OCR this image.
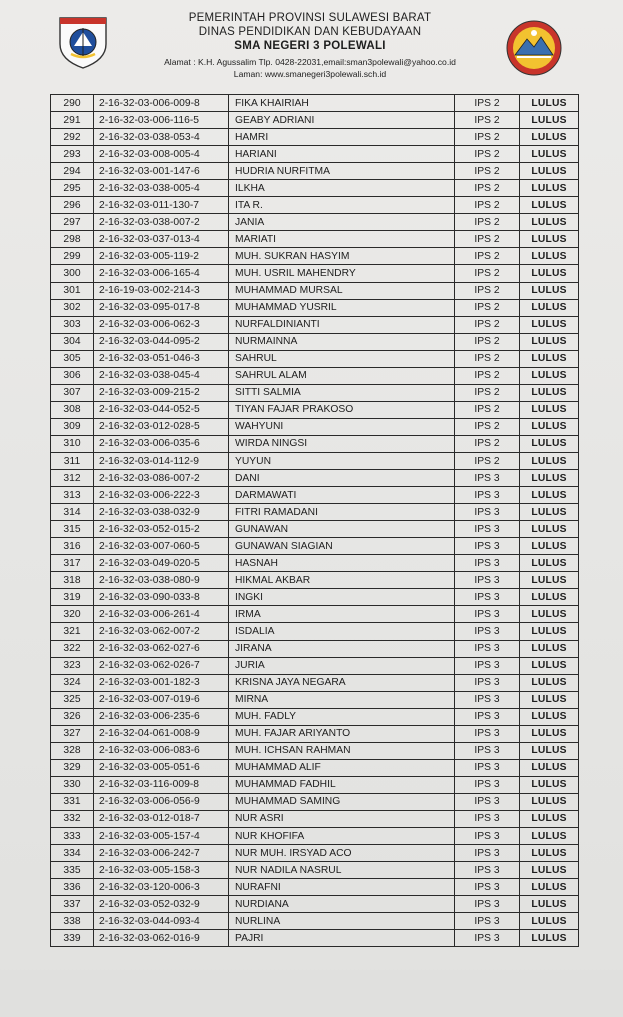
PEMERINTAH PROVINSI SULAWESI BARAT
DINAS PENDIDIKAN DAN KEBUDAYAAN
SMA NEGERI 3 POLEWALI
Alamat : K.H. Agussalim Tlp. 0428-22031,email:sman3polewali@yahoo.co.id
Laman: www.smanegeri3polewali.sch.id
290	2-16-32-03-006-009-8	FIKA KHAIRIAH	IPS 2	LULUS
291	2-16-32-03-006-116-5	GEABY ADRIANI	IPS 2	LULUS
292	2-16-32-03-038-053-4	HAMRI	IPS 2	LULUS
293	2-16-32-03-008-005-4	HARIANI	IPS 2	LULUS
294	2-16-32-03-001-147-6	HUDRIA NURFITMA	IPS 2	LULUS
295	2-16-32-03-038-005-4	ILKHA	IPS 2	LULUS
296	2-16-32-03-011-130-7	ITA R.	IPS 2	LULUS
297	2-16-32-03-038-007-2	JANIA	IPS 2	LULUS
298	2-16-32-03-037-013-4	MARIATI	IPS 2	LULUS
299	2-16-32-03-005-119-2	MUH. SUKRAN HASYIM	IPS 2	LULUS
300	2-16-32-03-006-165-4	MUH. USRIL MAHENDRY	IPS 2	LULUS
301	2-16-19-03-002-214-3	MUHAMMAD MURSAL	IPS 2	LULUS
302	2-16-32-03-095-017-8	MUHAMMAD YUSRIL	IPS 2	LULUS
303	2-16-32-03-006-062-3	NURFALDINIANTI	IPS 2	LULUS
304	2-16-32-03-044-095-2	NURMAINNA	IPS 2	LULUS
305	2-16-32-03-051-046-3	SAHRUL	IPS 2	LULUS
306	2-16-32-03-038-045-4	SAHRUL ALAM	IPS 2	LULUS
307	2-16-32-03-009-215-2	SITTI SALMIA	IPS 2	LULUS
308	2-16-32-03-044-052-5	TIYAN FAJAR PRAKOSO	IPS 2	LULUS
309	2-16-32-03-012-028-5	WAHYUNI	IPS 2	LULUS
310	2-16-32-03-006-035-6	WIRDA NINGSI	IPS 2	LULUS
311	2-16-32-03-014-112-9	YUYUN	IPS 2	LULUS
312	2-16-32-03-086-007-2	DANI	IPS 3	LULUS
313	2-16-32-03-006-222-3	DARMAWATI	IPS 3	LULUS
314	2-16-32-03-038-032-9	FITRI RAMADANI	IPS 3	LULUS
315	2-16-32-03-052-015-2	GUNAWAN	IPS 3	LULUS
316	2-16-32-03-007-060-5	GUNAWAN SIAGIAN	IPS 3	LULUS
317	2-16-32-03-049-020-5	HASNAH	IPS 3	LULUS
318	2-16-32-03-038-080-9	HIKMAL AKBAR	IPS 3	LULUS
319	2-16-32-03-090-033-8	INGKI	IPS 3	LULUS
320	2-16-32-03-006-261-4	IRMA	IPS 3	LULUS
321	2-16-32-03-062-007-2	ISDALIA	IPS 3	LULUS
322	2-16-32-03-062-027-6	JIRANA	IPS 3	LULUS
323	2-16-32-03-062-026-7	JURIA	IPS 3	LULUS
324	2-16-32-03-001-182-3	KRISNA JAYA NEGARA	IPS 3	LULUS
325	2-16-32-03-007-019-6	MIRNA	IPS 3	LULUS
326	2-16-32-03-006-235-6	MUH. FADLY	IPS 3	LULUS
327	2-16-32-04-061-008-9	MUH. FAJAR ARIYANTO	IPS 3	LULUS
328	2-16-32-03-006-083-6	MUH. ICHSAN RAHMAN	IPS 3	LULUS
329	2-16-32-03-005-051-6	MUHAMMAD ALIF	IPS 3	LULUS
330	2-16-32-03-116-009-8	MUHAMMAD FADHIL	IPS 3	LULUS
331	2-16-32-03-006-056-9	MUHAMMAD SAMING	IPS 3	LULUS
332	2-16-32-03-012-018-7	NUR ASRI	IPS 3	LULUS
333	2-16-32-03-005-157-4	NUR KHOFIFA	IPS 3	LULUS
334	2-16-32-03-006-242-7	NUR MUH. IRSYAD ACO	IPS 3	LULUS
335	2-16-32-03-005-158-3	NUR NADILA NASRUL	IPS 3	LULUS
336	2-16-32-03-120-006-3	NURAFNI	IPS 3	LULUS
337	2-16-32-03-052-032-9	NURDIANA	IPS 3	LULUS
338	2-16-32-03-044-093-4	NURLINA	IPS 3	LULUS
339	2-16-32-03-062-016-9	PAJRI	IPS 3	LULUS
